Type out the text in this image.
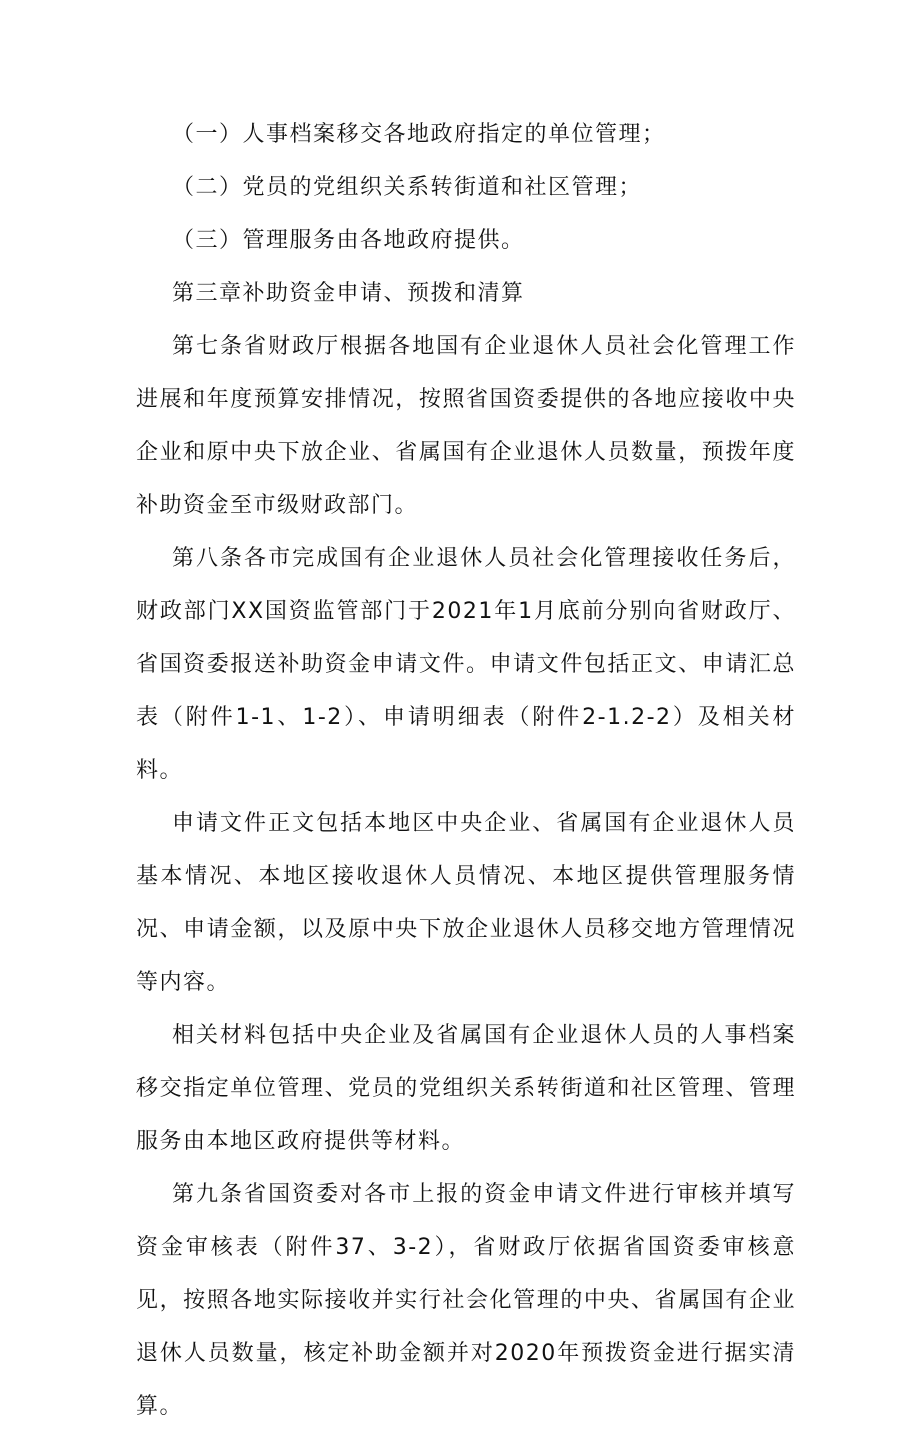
（一）人事档案移交各地政府指定的单位管理；

（二）党员的党组织关系转街道和社区管理；

（三）管理服务由各地政府提供。

第三章补助资金申请、预拨和清算

第七条省财政厅根据各地国有企业退休人员社会化管理工作进展和年度预算安排情况，按照省国资委提供的各地应接收中央企业和原中央下放企业、省属国有企业退休人员数量，预拨年度补助资金至市级财政部门。

第八条各市完成国有企业退休人员社会化管理接收任务后，财政部门XX国资监管部门于2021年1月底前分别向省财政厅、省国资委报送补助资金申请文件。申请文件包括正文、申请汇总表（附件1-1、1-2）、申请明细表（附件2-1.2-2）及相关材料。

申请文件正文包括本地区中央企业、省属国有企业退休人员基本情况、本地区接收退休人员情况、本地区提供管理服务情况、申请金额，以及原中央下放企业退休人员移交地方管理情况等内容。

相关材料包括中央企业及省属国有企业退休人员的人事档案移交指定单位管理、党员的党组织关系转街道和社区管理、管理服务由本地区政府提供等材料。

第九条省国资委对各市上报的资金申请文件进行审核并填写资金审核表（附件37、3-2），省财政厅依据省国资委审核意见，按照各地实际接收并实行社会化管理的中央、省属国有企业退休人员数量，核定补助金额并对2020年预拨资金进行据实清算。
